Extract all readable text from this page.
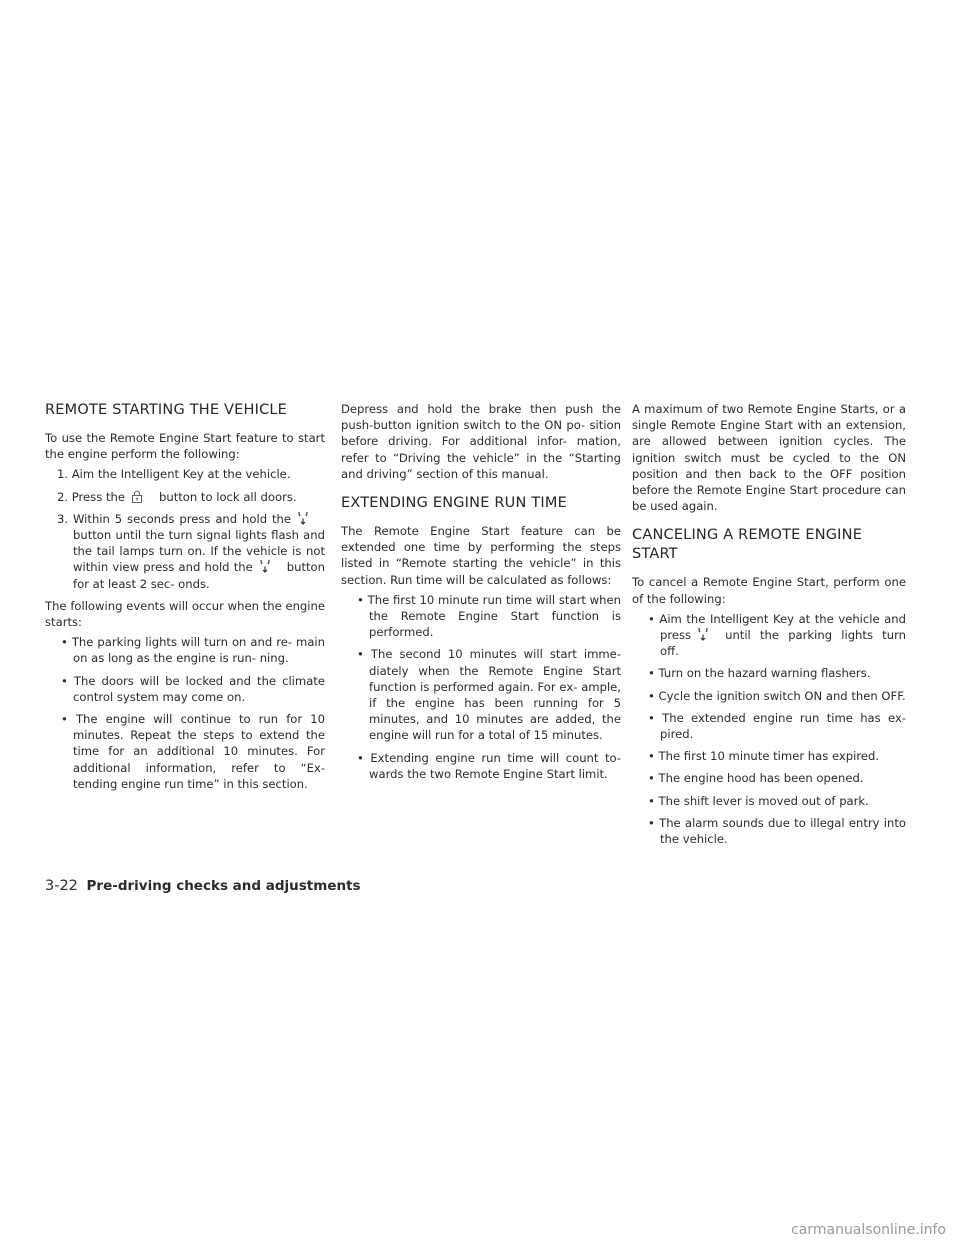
REMOTE STARTING THE VEHICLE

To use the Remote Engine Start feature to start the engine perform the following:

1. Aim the Intelligent Key at the vehicle.
2. Press the	button to lock all doors.
3. Within 5 seconds press and hold the
button until the turn signal lights flash and the tail lamps turn on. If the vehicle is not within view press and hold the	button for at least 2 sec- onds.

The following events will occur when the engine starts:

• The parking lights will turn on and re- main on as long as the engine is run- ning.
• The doors will be locked and the climate control system may come on.
• The engine will continue to run for 10 minutes. Repeat the steps to extend the time for an additional 10 minutes. For additional information, refer to “Ex- tending engine run time” in this section.

Depress and hold the brake then push the push-button ignition switch to the ON po- sition before driving. For additional infor- mation, refer to “Driving the vehicle” in the “Starting and driving” section of this manual.

EXTENDING ENGINE RUN TIME

The Remote Engine Start feature can be extended one time by performing the steps listed in “Remote starting the vehicle” in this section. Run time will be calculated as follows:

• The first 10 minute run time will start when the Remote Engine Start function is performed.
• The second 10 minutes will start imme- diately when the Remote Engine Start function is performed again. For ex- ample, if the engine has been running for 5 minutes, and 10 minutes are added, the engine will run for a total of 15 minutes.
• Extending engine run time will count to- wards the two Remote Engine Start limit.

A maximum of two Remote Engine Starts, or a single Remote Engine Start with an extension, are allowed between ignition cycles. The ignition switch must be cycled to the ON position and then back to the OFF position before the Remote Engine Start procedure can be used again.

CANCELING A REMOTE ENGINE
START

To cancel a Remote Engine Start, perform one of the following:

• Aim the Intelligent Key at the vehicle and press	until the parking lights turn off.
• Turn on the hazard warning flashers.
• Cycle the ignition switch ON and then OFF.
• The extended engine run time has ex- pired.
• The first 10 minute timer has expired.
• The engine hood has been opened.
• The shift lever is moved out of park.
• The alarm sounds due to illegal entry into the vehicle.
3-22 Pre-driving checks and adjustments
carmanualsonline.info
